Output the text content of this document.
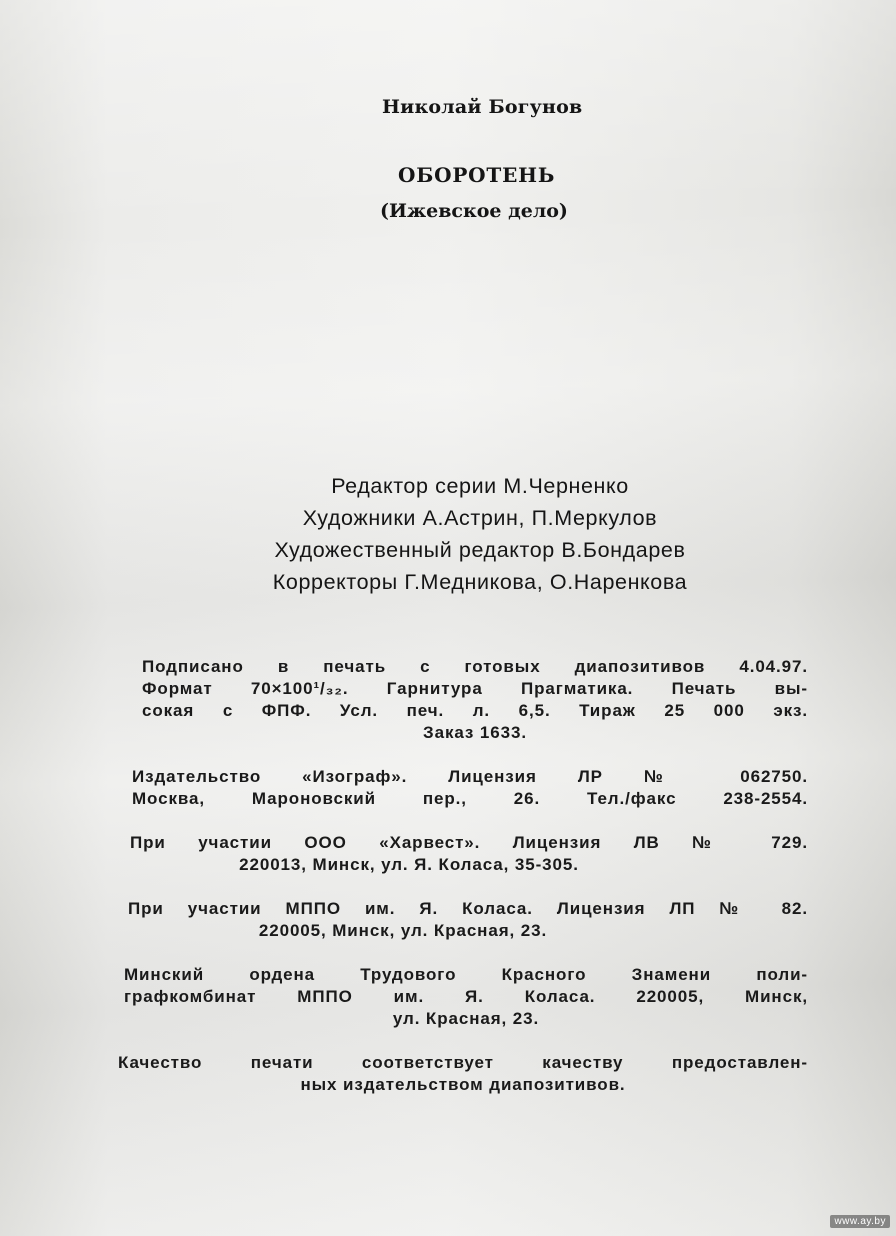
Николай Богунов

ОБОРОТЕНЬ

(Ижевское дело)

Редактор серии М.Черненко
Художники А.Астрин, П.Меркулов
Художественный редактор В.Бондарев
Корректоры Г.Медникова, О.Наренкова
Подписано в печать с готовых диапозитивов 4.04.97.
Формат 70×100¹/₃₂. Гарнитура Прагматика. Печать вы-
сокая с ФПФ. Усл. печ. л. 6,5. Тираж 25 000 экз.
Заказ 1633.
Издательство «Изограф». Лицензия ЛР № 062750.
Москва, Мароновский пер., 26. Тел./факс 238-2554.
При участии ООО «Харвест». Лицензия ЛВ № 729.
220013, Минск, ул. Я. Коласа, 35-305.
При участии МППО им. Я. Коласа. Лицензия ЛП № 82.
220005, Минск, ул. Красная, 23.
Минский ордена Трудового Красного Знамени поли-
графкомбинат МППО им. Я. Коласа. 220005, Минск,
ул. Красная, 23.
Качество печати соответствует качеству предоставлен-
ных издательством диапозитивов.
www.ay.by
